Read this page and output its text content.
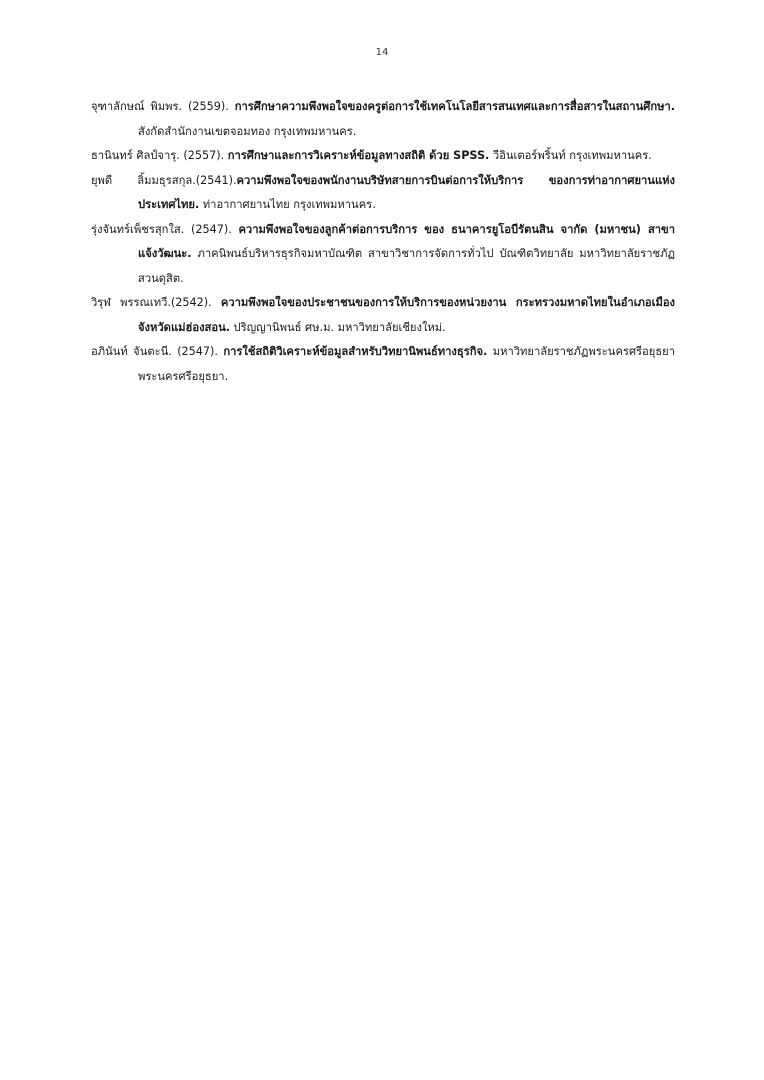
14

จุฑาลักษณ์ พิมพร. (2559). การศึกษาความพึงพอใจของครูต่อการใช้เทคโนโลยีสารสนเทศและการสื่อสารในสถานศึกษา. สังกัดสำนักงานเขตจอมทอง กรุงเทพมหานคร.

ธานินทร์ ศิลป์จารุ. (2557). การศึกษาและการวิเคราะห์ข้อมูลทางสถิติ ด้วย SPSS. วีอินเตอร์พริ้นท์ กรุงเทพมหานคร.

ยุพดี ลิ้มมธุรสกุล.(2541).ความพึงพอใจของพนักงานบริษัทสายการบินต่อการให้บริการ ของการท่าอากาศยานแห่งประเทศไทย. ท่าอากาศยานไทย กรุงเทพมหานคร.

รุ่งจันทร์เพ็ชรสุกใส. (2547). ความพึงพอใจของลูกค้าต่อการบริการ ของ ธนาคารยูโอบีรัตนสิน จากัด (มหาชน) สาขาแจ้งวัฒนะ. ภาคนิพนธ์บริหารธุรกิจมหาบัณฑิต สาขาวิชาการจัดการทั่วไป บัณฑิตวิทยาลัย มหาวิทยาลัยราชภัฏสวนดุสิต.

วิรุฬ พรรณเทวี.(2542). ความพึงพอใจของประชาชนของการให้บริการของหน่วยงาน กระทรวงมหาดไทยในอำเภอเมือง จังหวัดแม่ฮ่องสอน. ปริญญานิพนธ์ ศษ.ม. มหาวิทยาลัยเชียงใหม่.

อภินันท์ จันตะนี. (2547). การใช้สถิติวิเคราะห์ข้อมูลสำหรับวิทยานิพนธ์ทางธุรกิจ. มหาวิทยาลัยราชภัฏพระนครศรีอยุธยา พระนครศรีอยุธยา.
